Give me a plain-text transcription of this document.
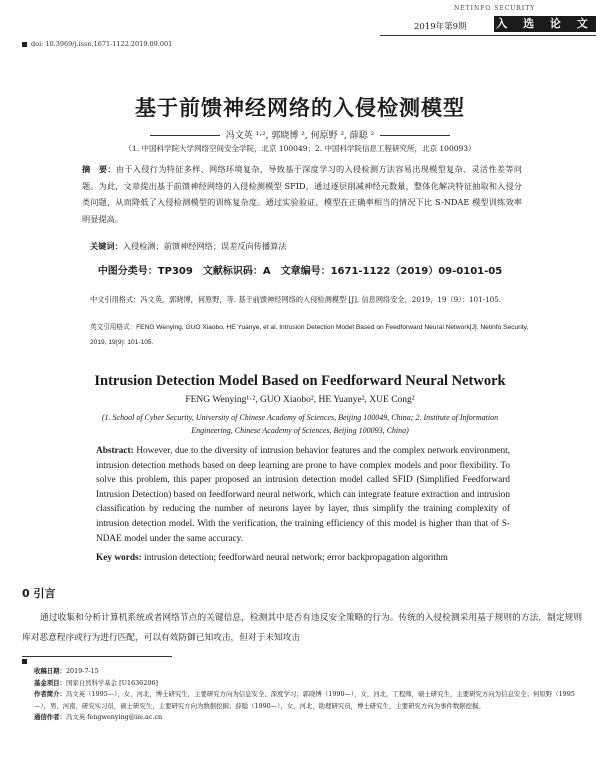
NETINFO SECURITY
2019年第9期	入 选 论 文
doi: 10.3969/j.issn.1671-1122.2019.09.001
基于前馈神经网络的入侵检测模型
冯文英 ¹·², 郭晓博 ², 何原野 ², 薛聪 ²
（1. 中国科学院大学网络空间安全学院，北京 100049；2. 中国科学院信息工程研究所，北京 100093）
摘　要：由于入侵行为特征多样、网络环境复杂，导致基于深度学习的入侵检测方法容易出现模型复杂、灵活性差等问题。为此，文章提出基于前馈神经网络的入侵检测模型 SFID，通过逐层削减神经元数量，整体化解决特征抽取和入侵分类问题，从而降低了入侵检测模型的训练复杂度。通过实验验证，模型在正确率相当的情况下比 S-NDAE 模型训练效率明显提高。
关键词：入侵检测；前馈神经网络；误差反向传播算法
中图分类号：TP309　文献标识码：A　文章编号：1671-1122（2019）09-0101-05
中文引用格式：冯文英，郭晓博，何原野，等. 基于前馈神经网络的入侵检测模型 [J]. 信息网络安全，2019，19（9）：101-105.
英文引用格式：FENG Wenying, GUO Xiaobo, HE Yuanye, et al. Intrusion Detection Model Based on Feedforward Neural Network[J]. Netinfo Security, 2019, 19(9): 101-105.
Intrusion Detection Model Based on Feedforward Neural Network
FENG Wenying¹·², GUO Xiaobo², HE Yuanye², XUE Cong²
(1. School of Cyber Security, University of Chinese Academy of Sciences, Beijing 100049, China; 2. Institute of Information Engineering, Chinese Academy of Sciences, Beijing 100093, China)
Abstract: However, due to the diversity of intrusion behavior features and the complex network environment, intrusion detection methods based on deep learning are prone to have complex models and poor flexibility. To solve this problem, this paper proposed an intrusion detection model called SFID (Simplified Feedforward Intrusion Detection) based on feedforward neural network, which can integrate feature extraction and intrusion classification by reducing the number of neurons layer by layer, thus simplify the training complexity of intrusion detection model. With the verification, the training efficiency of this model is higher than that of S-NDAE model under the same accuracy.
Key words: intrusion detection; feedforward neural network; error backpropagation algorithm
0 引言
通过收集和分析计算机系统或者网络节点的关键信息，检测其中是否有违反安全策略的行为。传统的入侵检测采用基于规则的方法，制定规则库对恶意程序或行为进行匹配，可以有效防御已知攻击，但对于未知攻击
收稿日期：2019-7-15
基金项目：国家自然科学基金 [U1636206]
作者简介：冯文英（1995—），女，河北，博士研究生，主要研究方向为信息安全、深度学习；郭晓博（1990—），女，河北，工程师，硕士研究生，主要研究方向为信息安全；何原野（1995—），男，河南，研究实习员，硕士研究生，主要研究方向为数据挖掘；薛聪（1990—），女，河北，助理研究员，博士研究生，主要研究方向为事件数据挖掘。
通信作者：冯文英 fengwenying@iie.ac.cn
